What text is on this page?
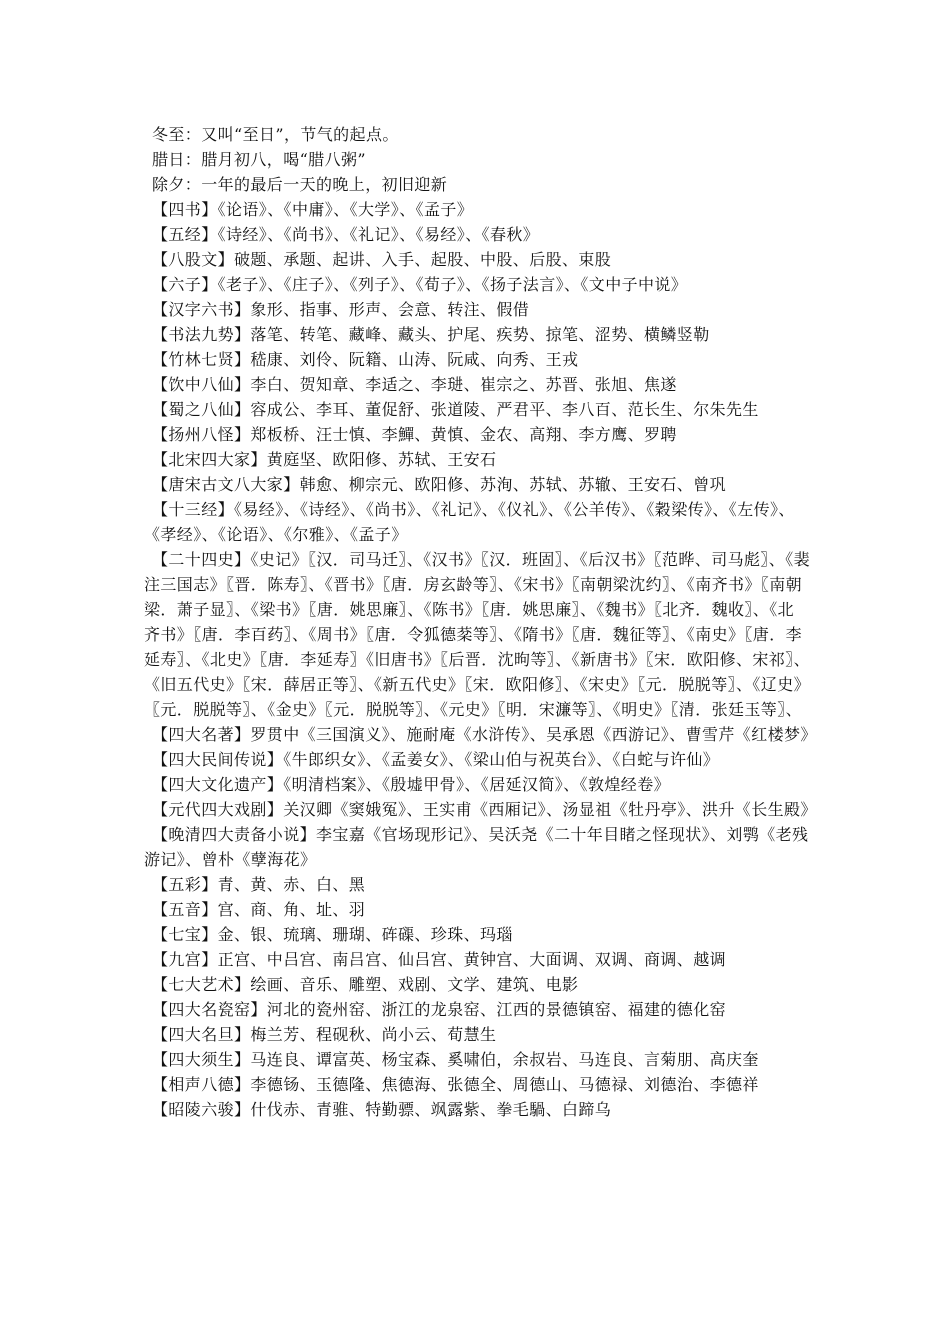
冬至：又叫“至日”，节气的起点。

腊日：腊月初八，喝“腊八粥”

除夕：一年的最后一天的晚上，初旧迎新

【四书】《论语》、《中庸》、《大学》、《孟子》

【五经】《诗经》、《尚书》、《礼记》、《易经》、《春秋》

【八股文】破题、承题、起讲、入手、起股、中股、后股、束股

【六子】《老子》、《庄子》、《列子》、《荀子》、《扬子法言》、《文中子中说》

【汉字六书】象形、指事、形声、会意、转注、假借

【书法九势】落笔、转笔、藏峰、藏头、护尾、疾势、掠笔、涩势、横鳞竖勒

【竹林七贤】嵇康、刘伶、阮籍、山涛、阮咸、向秀、王戎

【饮中八仙】李白、贺知章、李适之、李琎、崔宗之、苏晋、张旭、焦遂

【蜀之八仙】容成公、李耳、董促舒、张道陵、严君平、李八百、范长生、尔朱先生

【扬州八怪】郑板桥、汪士慎、李鱓、黄慎、金农、高翔、李方鹰、罗聘

【北宋四大家】黄庭坚、欧阳修、苏轼、王安石

【唐宋古文八大家】韩愈、柳宗元、欧阳修、苏洵、苏轼、苏辙、王安石、曾巩

【十三经】《易经》、《诗经》、《尚书》、《礼记》、《仪礼》、《公羊传》、《穀梁传》、《左传》、《孝经》、《论语》、《尔雅》、《孟子》

【二十四史】《史记》〖汉．司马迁〗、《汉书》〖汉．班固〗、《后汉书》〖范晔、司马彪〗、《裴注三国志》〖晋．陈寿〗、《晋书》〖唐．房玄龄等〗、《宋书》〖南朝梁沈约〗、《南齐书》〖南朝梁．萧子显〗、《梁书》〖唐．姚思廉〗、《陈书》〖唐．姚思廉〗、《魏书》〖北齐．魏收〗、《北齐书》〖唐．李百药〗、《周书》〖唐．令狐德棻等〗、《隋书》〖唐．魏征等〗、《南史》〖唐．李延寿〗、《北史》〖唐．李延寿〗《旧唐书》〖后晋．沈昫等〗、《新唐书》〖宋．欧阳修、宋祁〗、《旧五代史》〖宋．薛居正等〗、《新五代史》〖宋．欧阳修〗、《宋史》〖元．脱脱等〗、《辽史》〖元．脱脱等〗、《金史》〖元．脱脱等〗、《元史》〖明．宋濂等〗、《明史》〖清．张廷玉等〗、

【四大名著】罗贯中《三国演义》、施耐庵《水浒传》、吴承恩《西游记》、曹雪芹《红楼梦》

【四大民间传说】《牛郎织女》、《孟姜女》、《梁山伯与祝英台》、《白蛇与许仙》

【四大文化遗产】《明清档案》、《殷墟甲骨》、《居延汉简》、《敦煌经卷》

【元代四大戏剧】关汉卿《窦娥冤》、王实甫《西厢记》、汤显祖《牡丹亭》、洪升《长生殿》

【晚清四大责备小说】李宝嘉《官场现形记》、吴沃尧《二十年目睹之怪现状》、刘鹗《老残游记》、曾朴《孽海花》

【五彩】青、黄、赤、白、黑

【五音】宫、商、角、址、羽

【七宝】金、银、琉璃、珊瑚、砗磲、珍珠、玛瑙

【九宫】正宫、中吕宫、南吕宫、仙吕宫、黄钟宫、大面调、双调、商调、越调

【七大艺术】绘画、音乐、雕塑、戏剧、文学、建筑、电影

【四大名瓷窑】河北的瓷州窑、浙江的龙泉窑、江西的景德镇窑、福建的德化窑

【四大名旦】梅兰芳、程砚秋、尚小云、荀慧生

【四大须生】马连良、谭富英、杨宝森、奚啸伯，余叔岩、马连良、言菊朋、高庆奎

【相声八德】李德钖、玉德隆、焦德海、张德全、周德山、马德禄、刘德治、李德祥

【昭陵六骏】什伐赤、青骓、特勤骠、飒露紫、拳毛騧、白蹄乌
